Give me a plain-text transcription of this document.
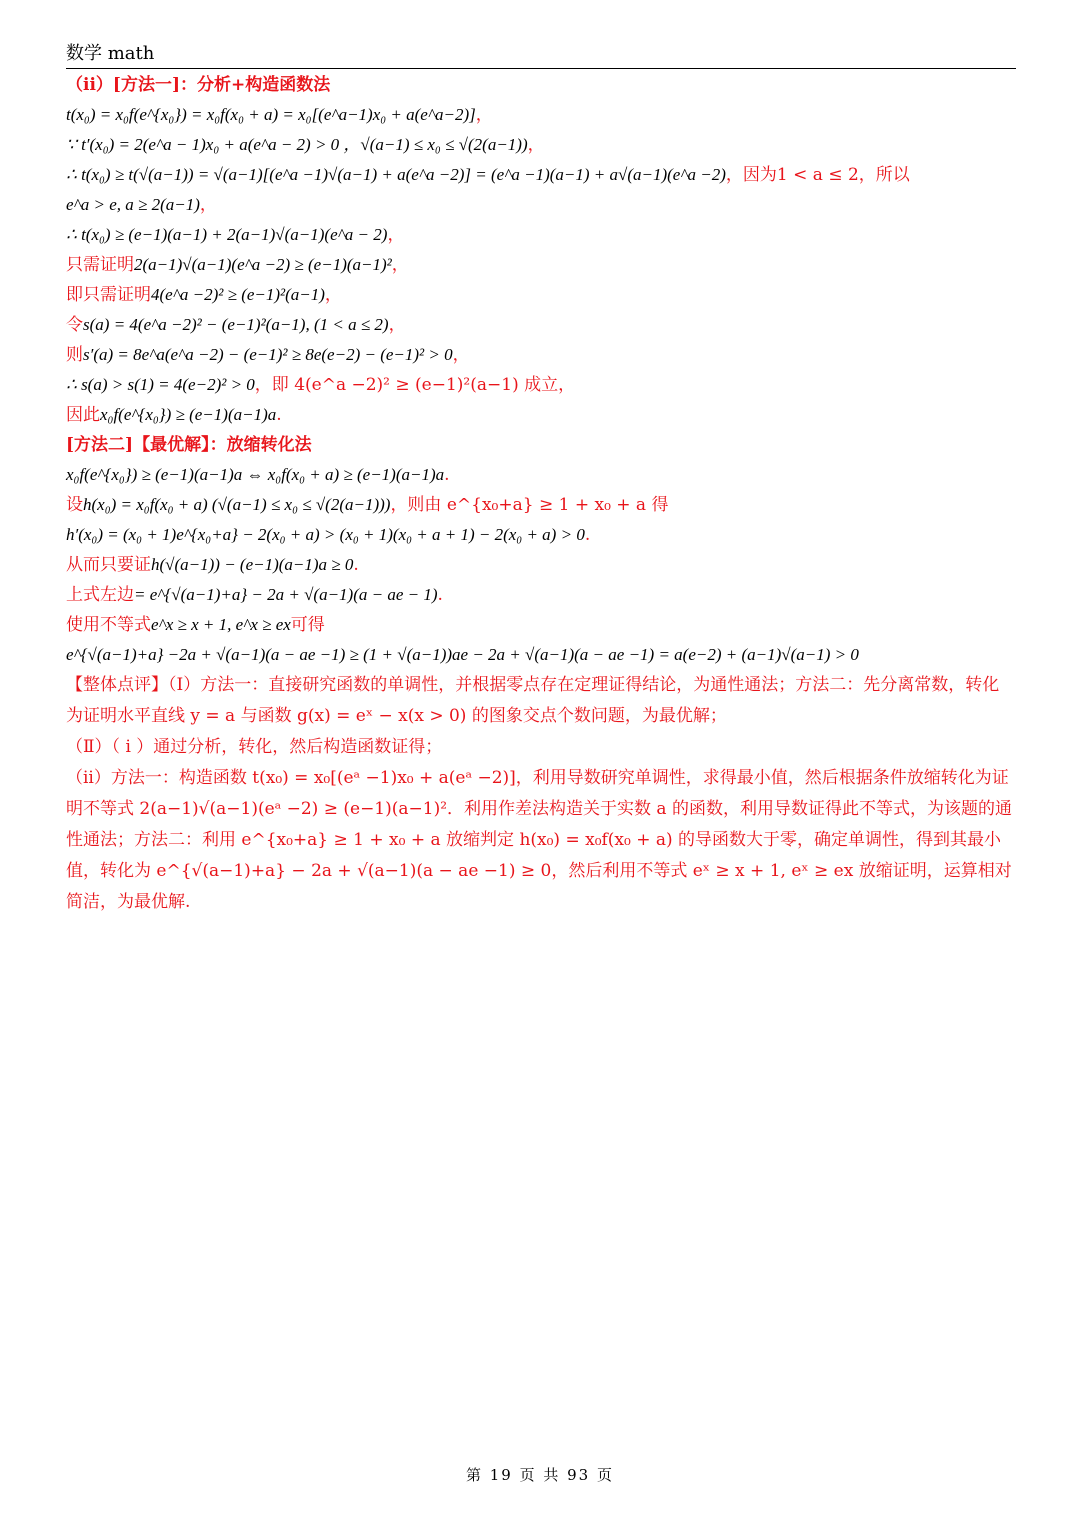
数学 math
（ii）[方法一]：分析+构造函数法
t(x₀) = x₀f(e^{x₀}) = x₀f(x₀ + a) = x₀[(e^a−1)x₀ + a(e^a−2)]，
∵ t′(x₀) = 2(e^a − 1)x₀ + a(e^a − 2) > 0 ，√(a−1) ≤ x₀ ≤ √(2(a−1))，
∴ t(x₀) ≥ t(√(a−1)) = √(a−1)[(e^a −1)√(a−1) + a(e^a −2)] = (e^a −1)(a−1) + a√(a−1)(e^a −2)，因为1 < a ≤ 2，所以
e^a > e, a ≥ 2(a−1)，
∴ t(x₀) ≥ (e−1)(a−1) + 2(a−1)√(a−1)(e^a − 2)，
只需证明2(a−1)√(a−1)(e^a −2) ≥ (e−1)(a−1)²，
即只需证明4(e^a −2)² ≥ (e−1)²(a−1)，
令s(a) = 4(e^a −2)² − (e−1)²(a−1), (1 < a ≤ 2)，
则s′(a) = 8e^a(e^a −2) − (e−1)² ≥ 8e(e−2) − (e−1)² > 0，
∴ s(a) > s(1) = 4(e−2)² > 0，即 4(e^a −2)² ≥ (e−1)²(a−1) 成立，
因此x₀f(e^{x₀}) ≥ (e−1)(a−1)a.
[方法二]【最优解】：放缩转化法
x₀f(e^{x₀}) ≥ (e−1)(a−1)a ⇔ x₀f(x₀ + a) ≥ (e−1)(a−1)a.
设h(x₀) = x₀f(x₀ + a) (√(a−1) ≤ x₀ ≤ √(2(a−1)))，则由 e^{x₀+a} ≥ 1 + x₀ + a 得
h′(x₀) = (x₀ + 1)e^{x₀+a} − 2(x₀ + a) > (x₀ + 1)(x₀ + a + 1) − 2(x₀ + a) > 0.
从而只要证h(√(a−1)) − (e−1)(a−1)a ≥ 0.
上式左边= e^{√(a−1)+a} − 2a + √(a−1)(a − ae − 1).
使用不等式e^x ≥ x + 1, e^x ≥ ex可得
e^{√(a−1)+a} −2a + √(a−1)(a − ae −1) ≥ (1 + √(a−1))ae − 2a + √(a−1)(a − ae −1) = a(e−2) + (a−1)√(a−1) > 0
【整体点评】（Ⅰ）方法一：直接研究函数的单调性，并根据零点存在定理证得结论，为通性通法；方法二：先分离常数，转化为证明水平直线 y = a 与函数 g(x) = eˣ − x(x > 0) 的图象交点个数问题，为最优解；
（Ⅱ）（ i ）通过分析，转化，然后构造函数证得；
（ii）方法一：构造函数 t(x₀) = x₀[(eᵃ −1)x₀ + a(eᵃ −2)]，利用导数研究单调性，求得最小值，然后根据条件放缩转化为证明不等式 2(a−1)√(a−1)(eᵃ −2) ≥ (e−1)(a−1)²．利用作差法构造关于实数 a 的函数，利用导数证得此不等式，为该题的通性通法；方法二：利用 e^{x₀+a} ≥ 1 + x₀ + a 放缩判定 h(x₀) = x₀f(x₀ + a) 的导函数大于零，确定单调性，得到其最小值，转化为 e^{√(a−1)+a} − 2a + √(a−1)(a − ae −1) ≥ 0，然后利用不等式 eˣ ≥ x + 1, eˣ ≥ ex 放缩证明，运算相对简洁，为最优解.
第 19 页 共 93 页
